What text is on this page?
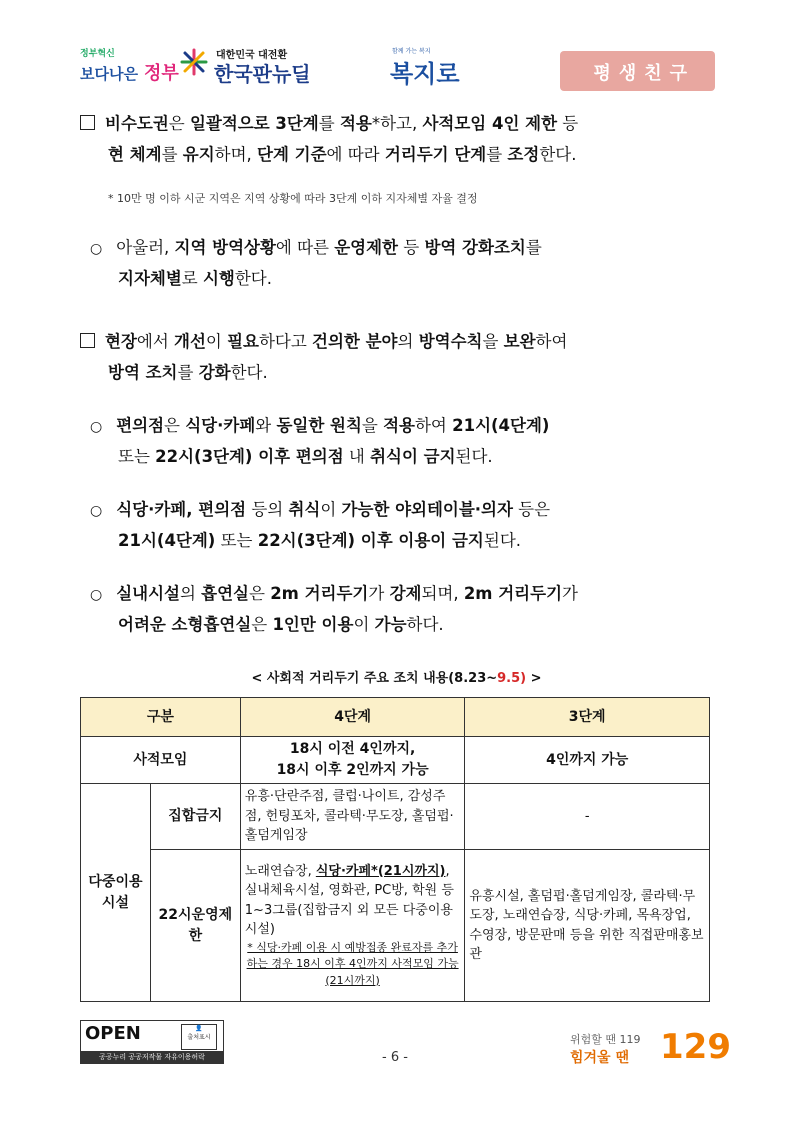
정부혁신
보다나은 정부
대한민국 대전환
한국판뉴딜
함께 가는 복지
복지로	평생친구
비수도권은 일괄적으로 3단계를 적용*하고, 사적모임 4인 제한 등
현 체계를 유지하며, 단계 기준에 따라 거리두기 단계를 조정한다.
* 10만 명 이하 시군 지역은 지역 상황에 따라 3단계 이하 지자체별 자율 결정
○ 아울러, 지역 방역상황에 따른 운영제한 등 방역 강화조치를
지자체별로 시행한다.
현장에서 개선이 필요하다고 건의한 분야의 방역수칙을 보완하여
방역 조치를 강화한다.
○ 편의점은 식당·카페와 동일한 원칙을 적용하여 21시(4단계)
또는 22시(3단계) 이후 편의점 내 취식이 금지된다.
○ 식당·카페, 편의점 등의 취식이 가능한 야외테이블·의자 등은
21시(4단계) 또는 22시(3단계) 이후 이용이 금지된다.
○ 실내시설의 흡연실은 2m 거리두기가 강제되며, 2m 거리두기가
어려운 소형흡연실은 1인만 이용이 가능하다.
< 사회적 거리두기 주요 조치 내용(8.23~9.5) >
구분		4단계	3단계
사적모임		18시 이전 4인까지,
18시 이후 2인까지 가능	4인까지 가능
다중이용시설	집합금지	유흥·단란주점, 클럽·나이트, 감성주점, 헌팅포차, 콜라텍·무도장, 홀덤펍·홀덤게임장	-
	22시운영제한	노래연습장, 식당·카페*(21시까지), 실내체육시설, 영화관, PC방, 학원 등 1~3그룹(집합금지 외 모든 다중이용시설)
* 식당·카페 이용 시 예방접종 완료자를 추가하는 경우 18시 이후 4인까지 사적모임 가능(21시까지)	유흥시설, 홀덤펍·홀덤게임장, 콜라텍·무도장, 노래연습장, 식당·카페, 목욕장업, 수영장, 방문판매 등을 위한 직접판매홍보관
OPEN	👤
출처표시
공공누리 공공저작물 자유이용허락	- 6 -
위험할 땐 119
힘겨울 땐 129
